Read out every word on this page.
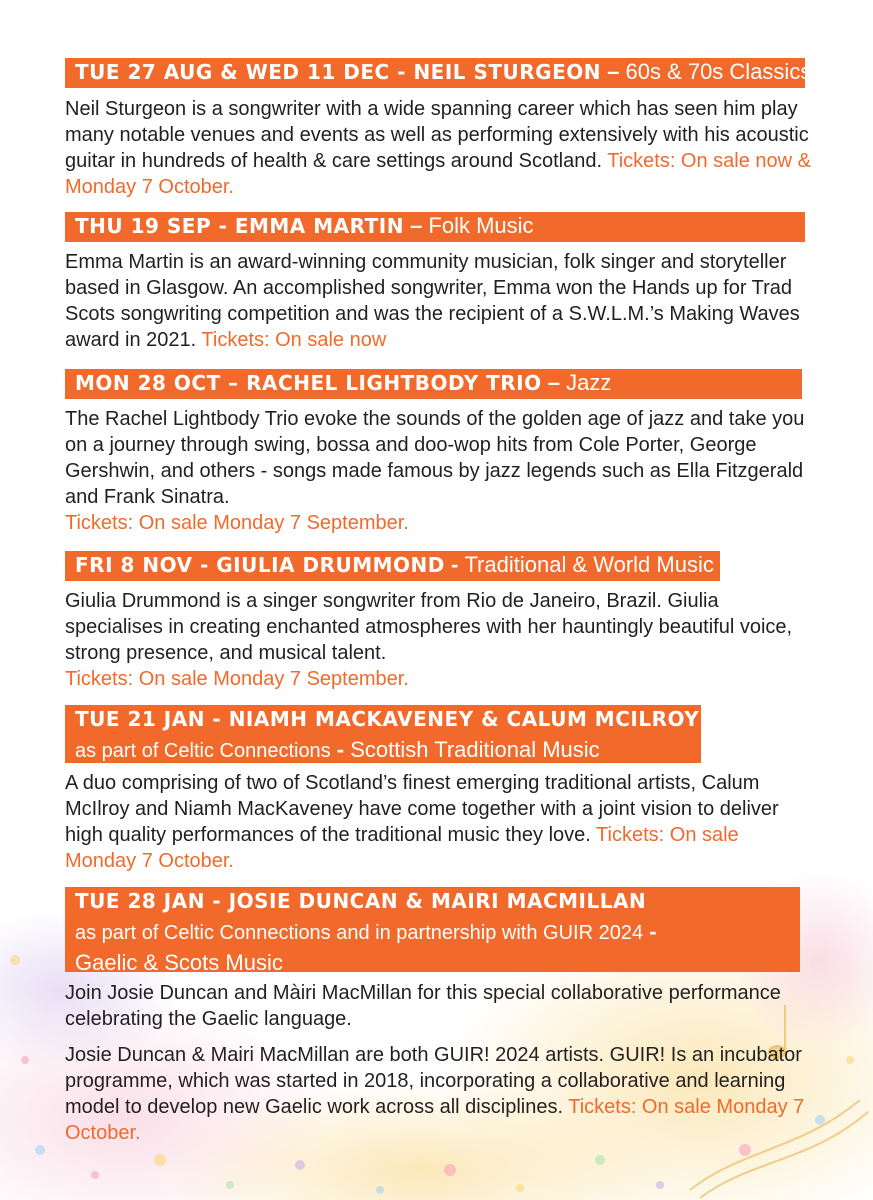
TUE 27 AUG & WED 11 DEC - NEIL STURGEON – 60s & 70s Classics

Neil Sturgeon is a songwriter with a wide spanning career which has seen him play many notable venues and events as well as performing extensively with his acoustic guitar in hundreds of health & care settings around Scotland. Tickets: On sale now & Monday 7 October.

THU 19 SEP - EMMA MARTIN – Folk Music

Emma Martin is an award-winning community musician, folk singer and storyteller based in Glasgow. An accomplished songwriter, Emma won the Hands up for Trad Scots songwriting competition and was the recipient of a S.W.L.M.’s Making Waves award in 2021. Tickets: On sale now

MON 28 OCT – RACHEL LIGHTBODY TRIO – Jazz

The Rachel Lightbody Trio evoke the sounds of the golden age of jazz and take you on a journey through swing, bossa and doo-wop hits from Cole Porter, George Gershwin, and others - songs made famous by jazz legends such as Ella Fitzgerald and Frank Sinatra.
Tickets: On sale Monday 7 September.

FRI 8 NOV - GIULIA DRUMMOND - Traditional & World Music

Giulia Drummond is a singer songwriter from Rio de Janeiro, Brazil. Giulia specialises in creating enchanted atmospheres with her hauntingly beautiful voice, strong presence, and musical talent.
Tickets: On sale Monday 7 September.

TUE 21 JAN - NIAMH MACKAVENEY & CALUM MCILROY
as part of Celtic Connections - Scottish Traditional Music

A duo comprising of two of Scotland’s finest emerging traditional artists, Calum McIlroy and Niamh MacKaveney have come together with a joint vision to deliver high quality performances of the traditional music they love. Tickets: On sale Monday 7 October.

TUE 28 JAN - JOSIE DUNCAN & MAIRI MACMILLAN
as part of Celtic Connections and in partnership with GUIR 2024 -
Gaelic & Scots Music

Join Josie Duncan and Màiri MacMillan for this special collaborative performance celebrating the Gaelic language.

Josie Duncan & Mairi MacMillan are both GUIR! 2024 artists. GUIR! Is an incubator programme, which was started in 2018, incorporating a collaborative and learning model to develop new Gaelic work across all disciplines. Tickets: On sale Monday 7 October.
